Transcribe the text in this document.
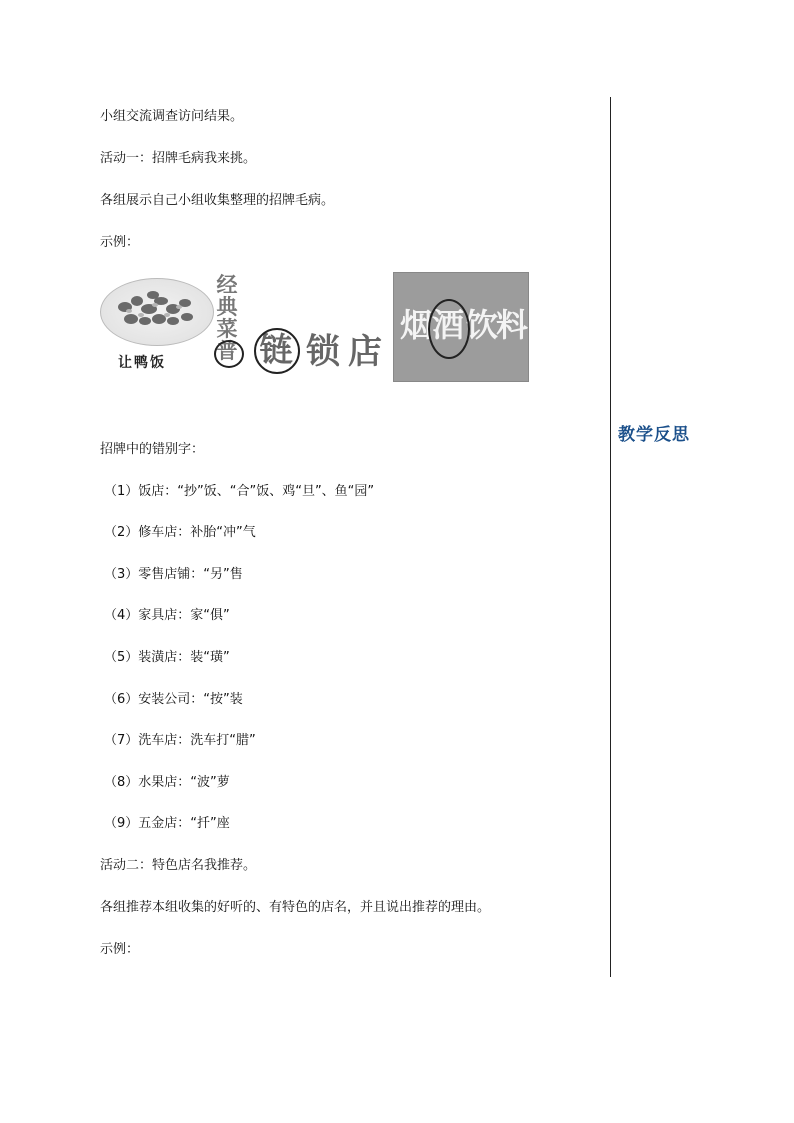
小组交流调查访问结果。
活动一：招牌毛病我来挑。
各组展示自己小组收集整理的招牌毛病。
示例：
让鸭饭
经
典
菜
普 链 锁店
烟 酒 饮
料
招牌中的错别字：
（1）饭店：“抄”饭、“合”饭、鸡“旦”、鱼“园”
（2）修车店：补胎“冲”气
（3）零售店铺：“另”售
（4）家具店：家“俱”
（5）装潢店：装“璜”
（6）安装公司：“按”装
（7）洗车店：洗车打“腊”
（8）水果店：“波”萝
（9）五金店：“扦”座
活动二：特色店名我推荐。
各组推荐本组收集的好听的、有特色的店名，并且说出推荐的理由。
示例：
教学反思
